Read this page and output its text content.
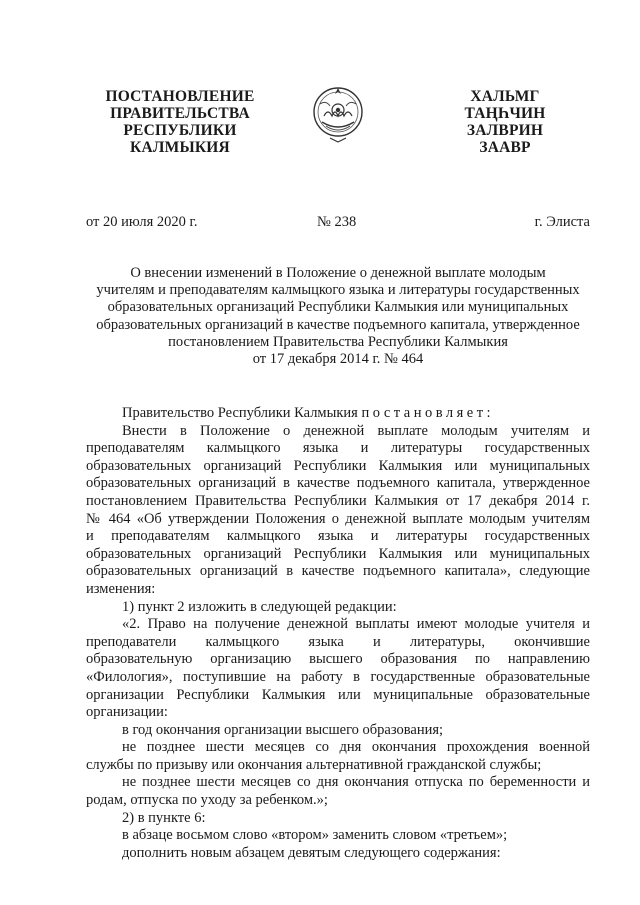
ПОСТАНОВЛЕНИЕ
ПРАВИТЕЛЬСТВА
РЕСПУБЛИКИ
КАЛМЫКИЯ
ХАЛЬМГ
ТАҢҺЧИН
ЗАЛВРИН
ЗААВР
от 20 июля 2020 г.	№ 238	г. Элиста
О внесении изменений в Положение о денежной выплате молодым
учителям и преподавателям калмыцкого языка и литературы государственных
образовательных организаций Республики Калмыкия или муниципальных
образовательных организаций в качестве подъемного капитала, утвержденное
постановлением Правительства Республики Калмыкия
от 17 декабря 2014 г. № 464
Правительство Республики Калмыкия постановляет:
Внести в Положение о денежной выплате молодым учителям и
преподавателям калмыцкого языка и литературы государственных
образовательных организаций Республики Калмыкия или муниципальных
образовательных организаций в качестве подъемного капитала, утвержденное
постановлением Правительства Республики Калмыкия от 17 декабря 2014 г.
№ 464 «Об утверждении Положения о денежной выплате молодым учителям
и преподавателям калмыцкого языка и литературы государственных
образовательных организаций Республики Калмыкия или муниципальных
образовательных организаций в качестве подъемного капитала», следующие
изменения:
1) пункт 2 изложить в следующей редакции:
«2. Право на получение денежной выплаты имеют молодые учителя и
преподаватели калмыцкого языка и литературы, окончившие
образовательную организацию высшего образования по направлению
«Филология», поступившие на работу в государственные образовательные
организации Республики Калмыкия или муниципальные образовательные
организации:
в год окончания организации высшего образования;
не позднее шести месяцев со дня окончания прохождения военной
службы по призыву или окончания альтернативной гражданской службы;
не позднее шести месяцев со дня окончания отпуска по беременности и
родам, отпуска по уходу за ребенком.»;
2) в пункте 6:
в абзаце восьмом слово «втором» заменить словом «третьем»;
дополнить новым абзацем девятым следующего содержания:
